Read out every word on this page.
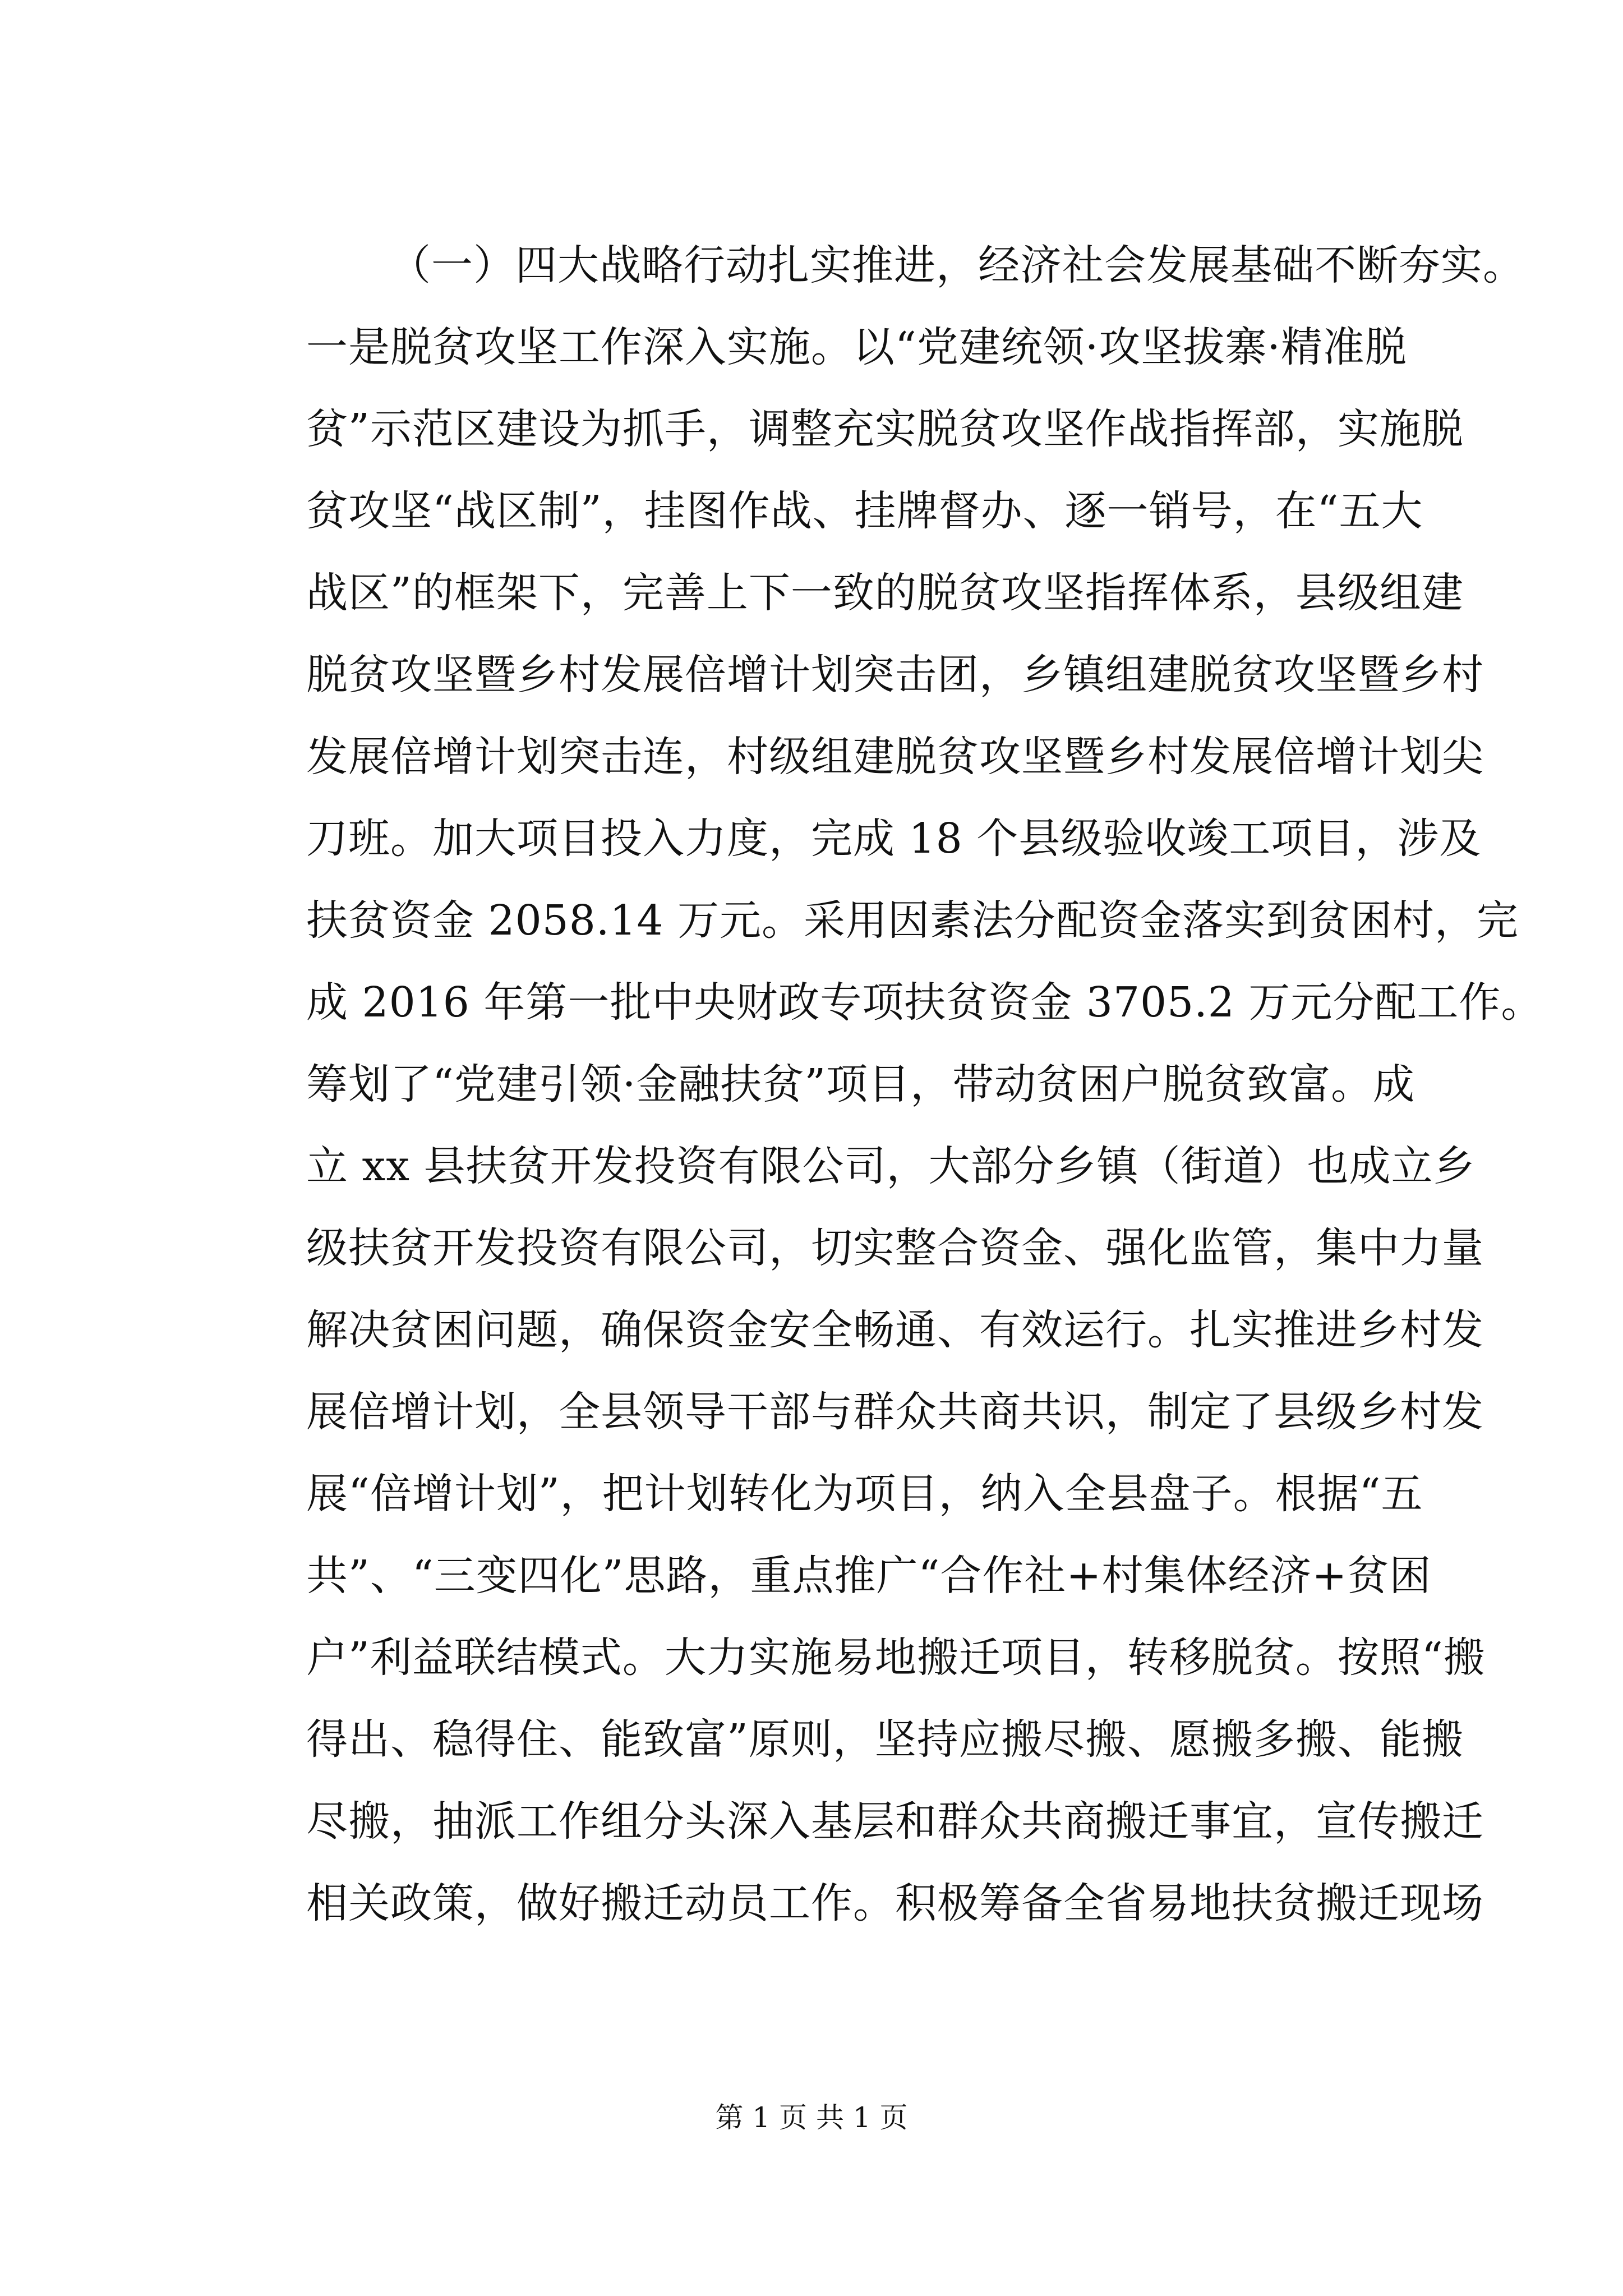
（一）四大战略行动扎实推进，经济社会发展基础不断夯实。
一是脱贫攻坚工作深入实施。以“党建统领·攻坚拔寨·精准脱
贫”示范区建设为抓手，调整充实脱贫攻坚作战指挥部，实施脱
贫攻坚“战区制”，挂图作战、挂牌督办、逐一销号，在“五大
战区”的框架下，完善上下一致的脱贫攻坚指挥体系，县级组建
脱贫攻坚暨乡村发展倍增计划突击团，乡镇组建脱贫攻坚暨乡村
发展倍增计划突击连，村级组建脱贫攻坚暨乡村发展倍增计划尖
刀班。加大项目投入力度，完成 18 个县级验收竣工项目，涉及
扶贫资金 2058.14 万元。采用因素法分配资金落实到贫困村，完
成 2016 年第一批中央财政专项扶贫资金 3705.2 万元分配工作。
筹划了“党建引领·金融扶贫”项目，带动贫困户脱贫致富。成
立 xx 县扶贫开发投资有限公司，大部分乡镇（街道）也成立乡
级扶贫开发投资有限公司，切实整合资金、强化监管，集中力量
解决贫困问题，确保资金安全畅通、有效运行。扎实推进乡村发
展倍增计划，全县领导干部与群众共商共识，制定了县级乡村发
展“倍增计划”，把计划转化为项目，纳入全县盘子。根据“五
共”、“三变四化”思路，重点推广“合作社+村集体经济+贫困
户”利益联结模式。大力实施易地搬迁项目，转移脱贫。按照“搬
得出、稳得住、能致富”原则，坚持应搬尽搬、愿搬多搬、能搬
尽搬，抽派工作组分头深入基层和群众共商搬迁事宜，宣传搬迁
相关政策，做好搬迁动员工作。积极筹备全省易地扶贫搬迁现场
第 1 页 共 1 页
